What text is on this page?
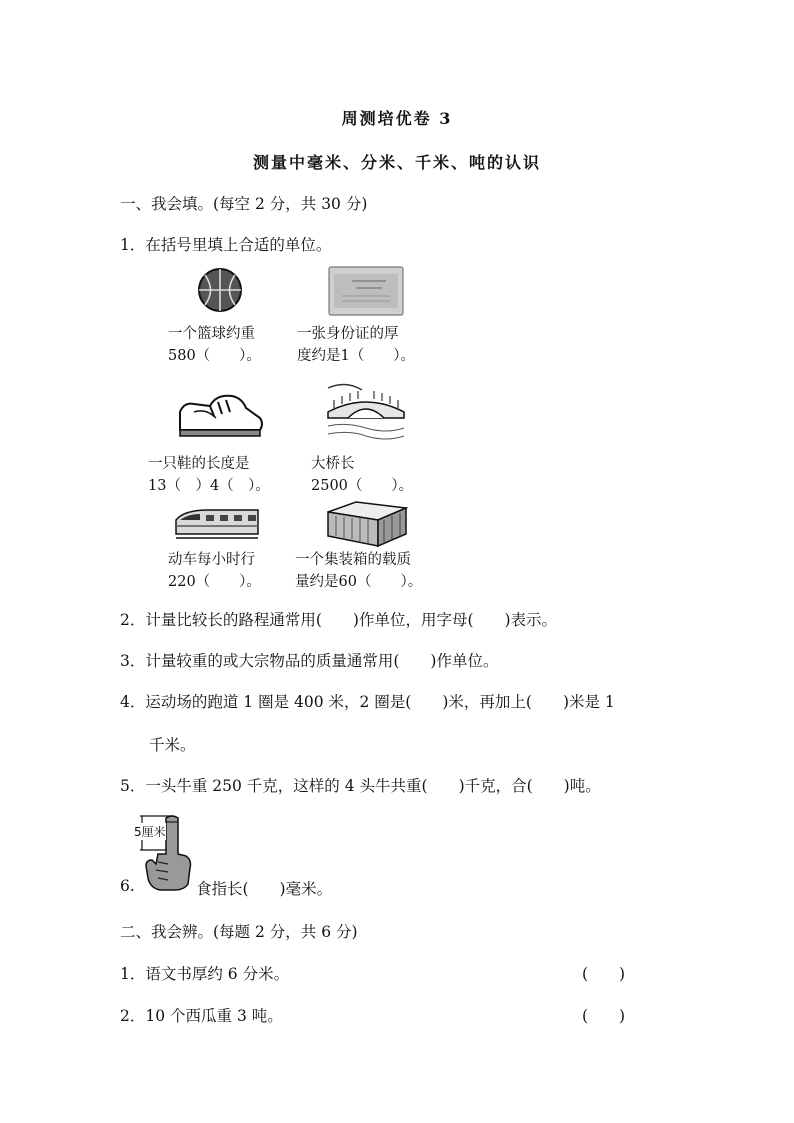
周测培优卷 3
测量中毫米、分米、千米、吨的认识
一、我会填。(每空 2 分，共 30 分)
1．在括号里填上合适的单位。
一个篮球约重
580（　　）。
一张身份证的厚
度约是1（　　）。
一只鞋的长度是
13（　）4（　）。
大桥长
2500（　　）。
动车每小时行
220（　　）。
一个集装箱的载质
量约是60（　　）。
2．计量比较长的路程通常用(　　)作单位，用字母(　　)表示。
3．计量较重的或大宗物品的质量通常用(　　)作单位。
4．运动场的跑道 1 圈是 400 米，2 圈是(　　)米，再加上(　　)米是 1
千米。
5．一头牛重 250 千克，这样的 4 头牛共重(　　)千克，合(　　)吨。
5厘米
6.	食指长(　　)毫米。
二、我会辨。(每题 2 分，共 6 分)
1．语文书厚约 6 分米。	(　　)
2．10 个西瓜重 3 吨。	(　　)
